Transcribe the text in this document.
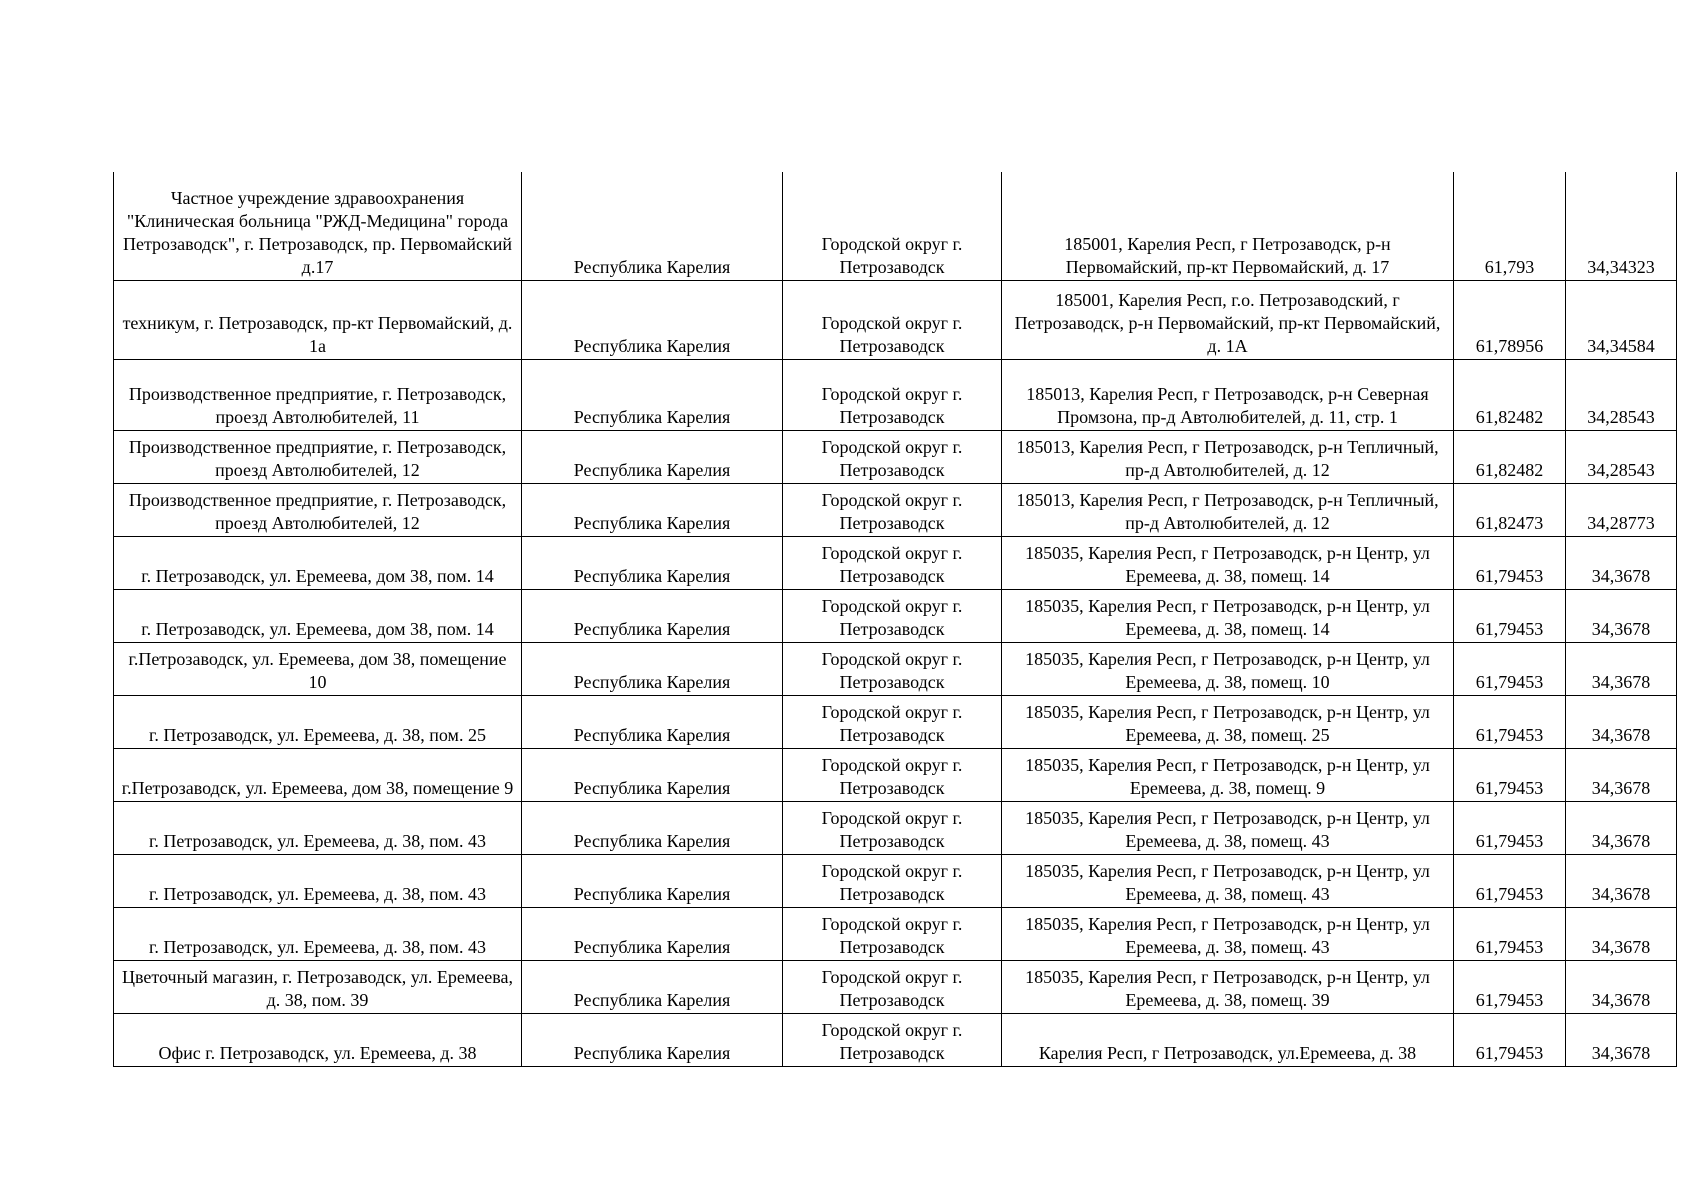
Частное учреждение здравоохранения "Клиническая больница "РЖД-Медицина" города Петрозаводск", г. Петрозаводск, пр. Первомайский д.17	Республика Карелия	Городской округ г. Петрозаводск	185001, Карелия Респ, г Петрозаводск, р-н Первомайский, пр-кт Первомайский, д. 17	61,793	34,34323
техникум, г. Петрозаводск, пр-кт Первомайский, д. 1а	Республика Карелия	Городской округ г. Петрозаводск	185001, Карелия Респ, г.о. Петрозаводский, г Петрозаводск, р-н Первомайский, пр-кт Первомайский, д. 1А	61,78956	34,34584
Производственное предприятие, г. Петрозаводск, проезд Автолюбителей, 11	Республика Карелия	Городской округ г. Петрозаводск	185013, Карелия Респ, г Петрозаводск, р-н Северная Промзона, пр-д Автолюбителей, д. 11, стр. 1	61,82482	34,28543
Производственное предприятие, г. Петрозаводск, проезд Автолюбителей, 12	Республика Карелия	Городской округ г. Петрозаводск	185013, Карелия Респ, г Петрозаводск, р-н Тепличный, пр-д Автолюбителей, д. 12	61,82482	34,28543
Производственное предприятие, г. Петрозаводск, проезд Автолюбителей, 12	Республика Карелия	Городской округ г. Петрозаводск	185013, Карелия Респ, г Петрозаводск, р-н Тепличный, пр-д Автолюбителей, д. 12	61,82473	34,28773
г. Петрозаводск, ул. Еремеева, дом 38, пом. 14	Республика Карелия	Городской округ г. Петрозаводск	185035, Карелия Респ, г Петрозаводск, р-н Центр, ул Еремеева, д. 38, помещ. 14	61,79453	34,3678
г. Петрозаводск, ул. Еремеева, дом 38, пом. 14	Республика Карелия	Городской округ г. Петрозаводск	185035, Карелия Респ, г Петрозаводск, р-н Центр, ул Еремеева, д. 38, помещ. 14	61,79453	34,3678
г.Петрозаводск, ул. Еремеева, дом 38, помещение 10	Республика Карелия	Городской округ г. Петрозаводск	185035, Карелия Респ, г Петрозаводск, р-н Центр, ул Еремеева, д. 38, помещ. 10	61,79453	34,3678
г. Петрозаводск, ул. Еремеева, д. 38, пом. 25	Республика Карелия	Городской округ г. Петрозаводск	185035, Карелия Респ, г Петрозаводск, р-н Центр, ул Еремеева, д. 38, помещ. 25	61,79453	34,3678
г.Петрозаводск, ул. Еремеева, дом 38, помещение 9	Республика Карелия	Городской округ г. Петрозаводск	185035, Карелия Респ, г Петрозаводск, р-н Центр, ул Еремеева, д. 38, помещ. 9	61,79453	34,3678
г. Петрозаводск, ул. Еремеева, д. 38, пом. 43	Республика Карелия	Городской округ г. Петрозаводск	185035, Карелия Респ, г Петрозаводск, р-н Центр, ул Еремеева, д. 38, помещ. 43	61,79453	34,3678
г. Петрозаводск, ул. Еремеева, д. 38, пом. 43	Республика Карелия	Городской округ г. Петрозаводск	185035, Карелия Респ, г Петрозаводск, р-н Центр, ул Еремеева, д. 38, помещ. 43	61,79453	34,3678
г. Петрозаводск, ул. Еремеева, д. 38, пом. 43	Республика Карелия	Городской округ г. Петрозаводск	185035, Карелия Респ, г Петрозаводск, р-н Центр, ул Еремеева, д. 38, помещ. 43	61,79453	34,3678
Цветочный магазин, г. Петрозаводск, ул. Еремеева, д. 38, пом. 39	Республика Карелия	Городской округ г. Петрозаводск	185035, Карелия Респ, г Петрозаводск, р-н Центр, ул Еремеева, д. 38, помещ. 39	61,79453	34,3678
Офис г. Петрозаводск, ул. Еремеева, д. 38	Республика Карелия	Городской округ г. Петрозаводск	Карелия Респ, г Петрозаводск, ул.Еремеева, д. 38	61,79453	34,3678
